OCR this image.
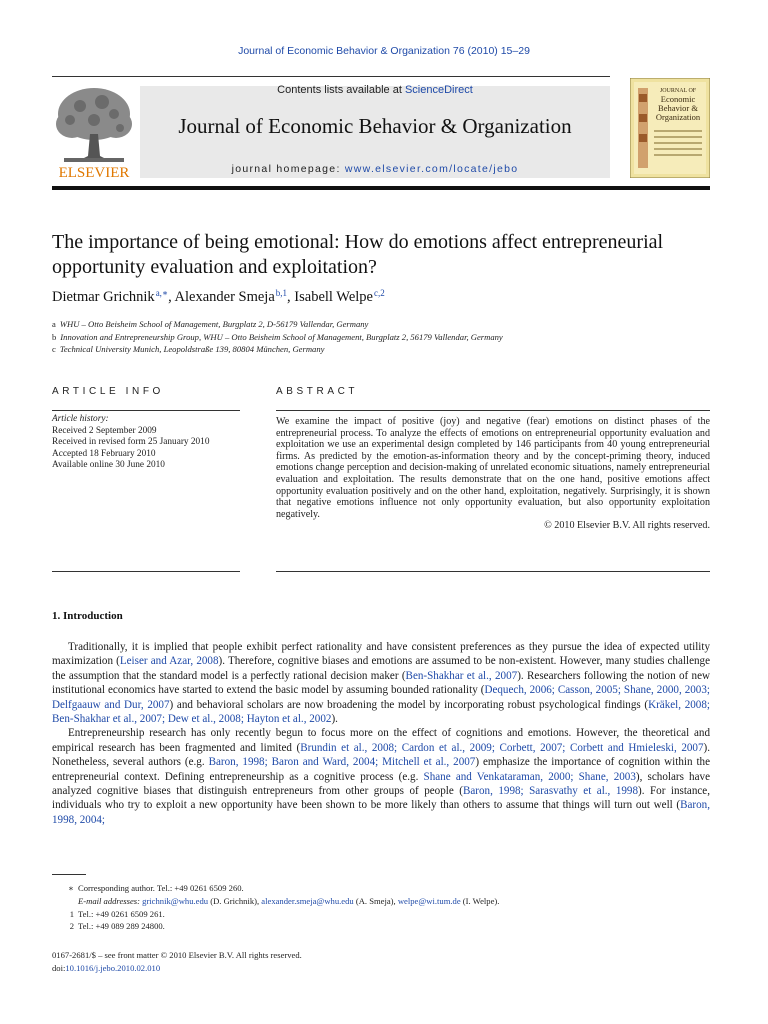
Journal of Economic Behavior & Organization 76 (2010) 15–29
ELSEVIER
JOURNAL OF
Economic
Behavior &
Organization
Contents lists available at ScienceDirect
Journal of Economic Behavior & Organization
journal homepage: www.elsevier.com/locate/jebo
The importance of being emotional: How do emotions affect entrepreneurial opportunity evaluation and exploitation?
Dietmar Grichnik$^{a,∗}$, Alexander Smeja$^{b,1}$, Isabell Welpe$^{c,2}$
a WHU – Otto Beisheim School of Management, Burgplatz 2, D-56179 Vallendar, Germany
b Innovation and Entrepreneurship Group, WHU – Otto Beisheim School of Management, Burgplatz 2, 56179 Vallendar, Germany
c Technical University Munich, Leopoldstraße 139, 80804 München, Germany
ARTICLE INFO	ABSTRACT
Article history:
Received 2 September 2009
Received in revised form 25 January 2010
Accepted 18 February 2010
Available online 30 June 2010
We examine the impact of positive (joy) and negative (fear) emotions on distinct phases of the entrepreneurial process. To analyze the effects of emotions on entrepreneurial opportunity evaluation and exploitation we use an experimental design completed by 146 participants from 40 young entrepreneurial firms. As predicted by the emotion-as-information theory and by the concept-priming theory, induced emotions change perception and decision-making of unrelated economic situations, namely entrepreneurial evaluation and exploitation. The results demonstrate that on the one hand, positive emotions affect opportunity evaluation positively and on the other hand, exploitation, negatively. Surprisingly, it is shown that negative emotions influence not only opportunity evaluation, but also opportunity exploitation negatively.
© 2010 Elsevier B.V. All rights reserved.
1. Introduction

Traditionally, it is implied that people exhibit perfect rationality and have consistent preferences as they pursue the idea of expected utility maximization (Leiser and Azar, 2008). Therefore, cognitive biases and emotions are assumed to be non-existent. However, many studies challenge the assumption that the standard model is a perfectly rational decision maker (Ben-Shakhar et al., 2007). Researchers following the notion of new institutional economics have started to extend the basic model by assuming bounded rationality (Dequech, 2006; Casson, 2005; Shane, 2000, 2003; Delfgaauw and Dur, 2007) and behavioral scholars are now broadening the model by incorporating robust psychological findings (Kräkel, 2008; Ben-Shakhar et al., 2007; Dew et al., 2008; Hayton et al., 2002).

Entrepreneurship research has only recently begun to focus more on the effect of cognitions and emotions. However, the theoretical and empirical research has been fragmented and limited (Brundin et al., 2008; Cardon et al., 2009; Corbett, 2007; Corbett and Hmieleski, 2007). Nonetheless, several authors (e.g. Baron, 1998; Baron and Ward, 2004; Mitchell et al., 2007) emphasize the importance of cognition within the entrepreneurial context. Defining entrepreneurship as a cognitive process (e.g. Shane and Venkataraman, 2000; Shane, 2003), scholars have analyzed cognitive biases that distinguish entrepreneurs from other groups of people (Baron, 1998; Sarasvathy et al., 1998). For instance, individuals who try to exploit a new opportunity have been shown to be more likely than others to assume that things will turn out well (Baron, 1998, 2004;

∗ Corresponding author. Tel.: +49 0261 6509 260.
E-mail addresses: grichnik@whu.edu (D. Grichnik), alexander.smeja@whu.edu (A. Smeja), welpe@wi.tum.de (I. Welpe).
1 Tel.: +49 0261 6509 261.
2 Tel.: +49 089 289 24800.
0167-2681/$ – see front matter © 2010 Elsevier B.V. All rights reserved.
doi:10.1016/j.jebo.2010.02.010
